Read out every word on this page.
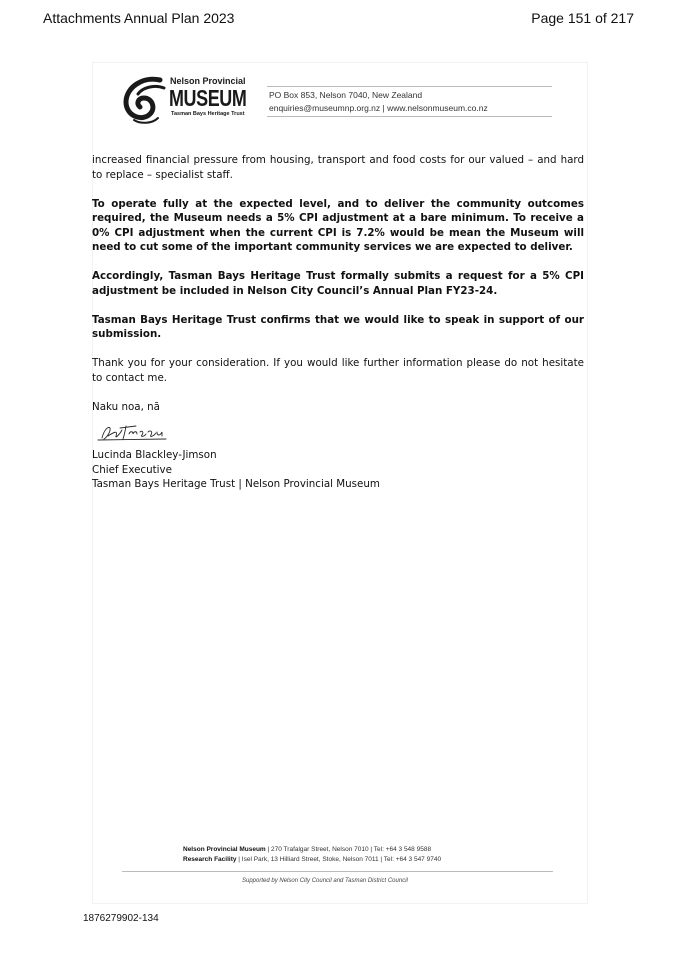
Attachments Annual Plan 2023	Page 151 of 217
Nelson Provincial
MUSEUM
Tasman Bays Heritage Trust
PO Box 853, Nelson 7040, New Zealand
enquiries@museumnp.org.nz | www.nelsonmuseum.co.nz

increased financial pressure from housing, transport and food costs for our valued – and hard to replace – specialist staff.

To operate fully at the expected level, and to deliver the community outcomes required, the Museum needs a 5% CPI adjustment at a bare minimum. To receive a 0% CPI adjustment when the current CPI is 7.2% would be mean the Museum will need to cut some of the important community services we are expected to deliver.

Accordingly, Tasman Bays Heritage Trust formally submits a request for a 5% CPI adjustment be included in Nelson City Council’s Annual Plan FY23-24.

Tasman Bays Heritage Trust confirms that we would like to speak in support of our submission.

Thank you for your consideration. If you would like further information please do not hesitate to contact me.

Naku noa, nā

Lucinda Blackley-Jimson
Chief Executive
Tasman Bays Heritage Trust | Nelson Provincial Museum
Nelson Provincial Museum | 270 Trafalgar Street, Nelson 7010 | Tel: +64 3 548 9588
Research Facility | Isel Park, 13 Hilliard Street, Stoke, Nelson 7011 | Tel: +64 3 547 9740
Supported by Nelson City Council and Tasman District Council
1876279902-134
